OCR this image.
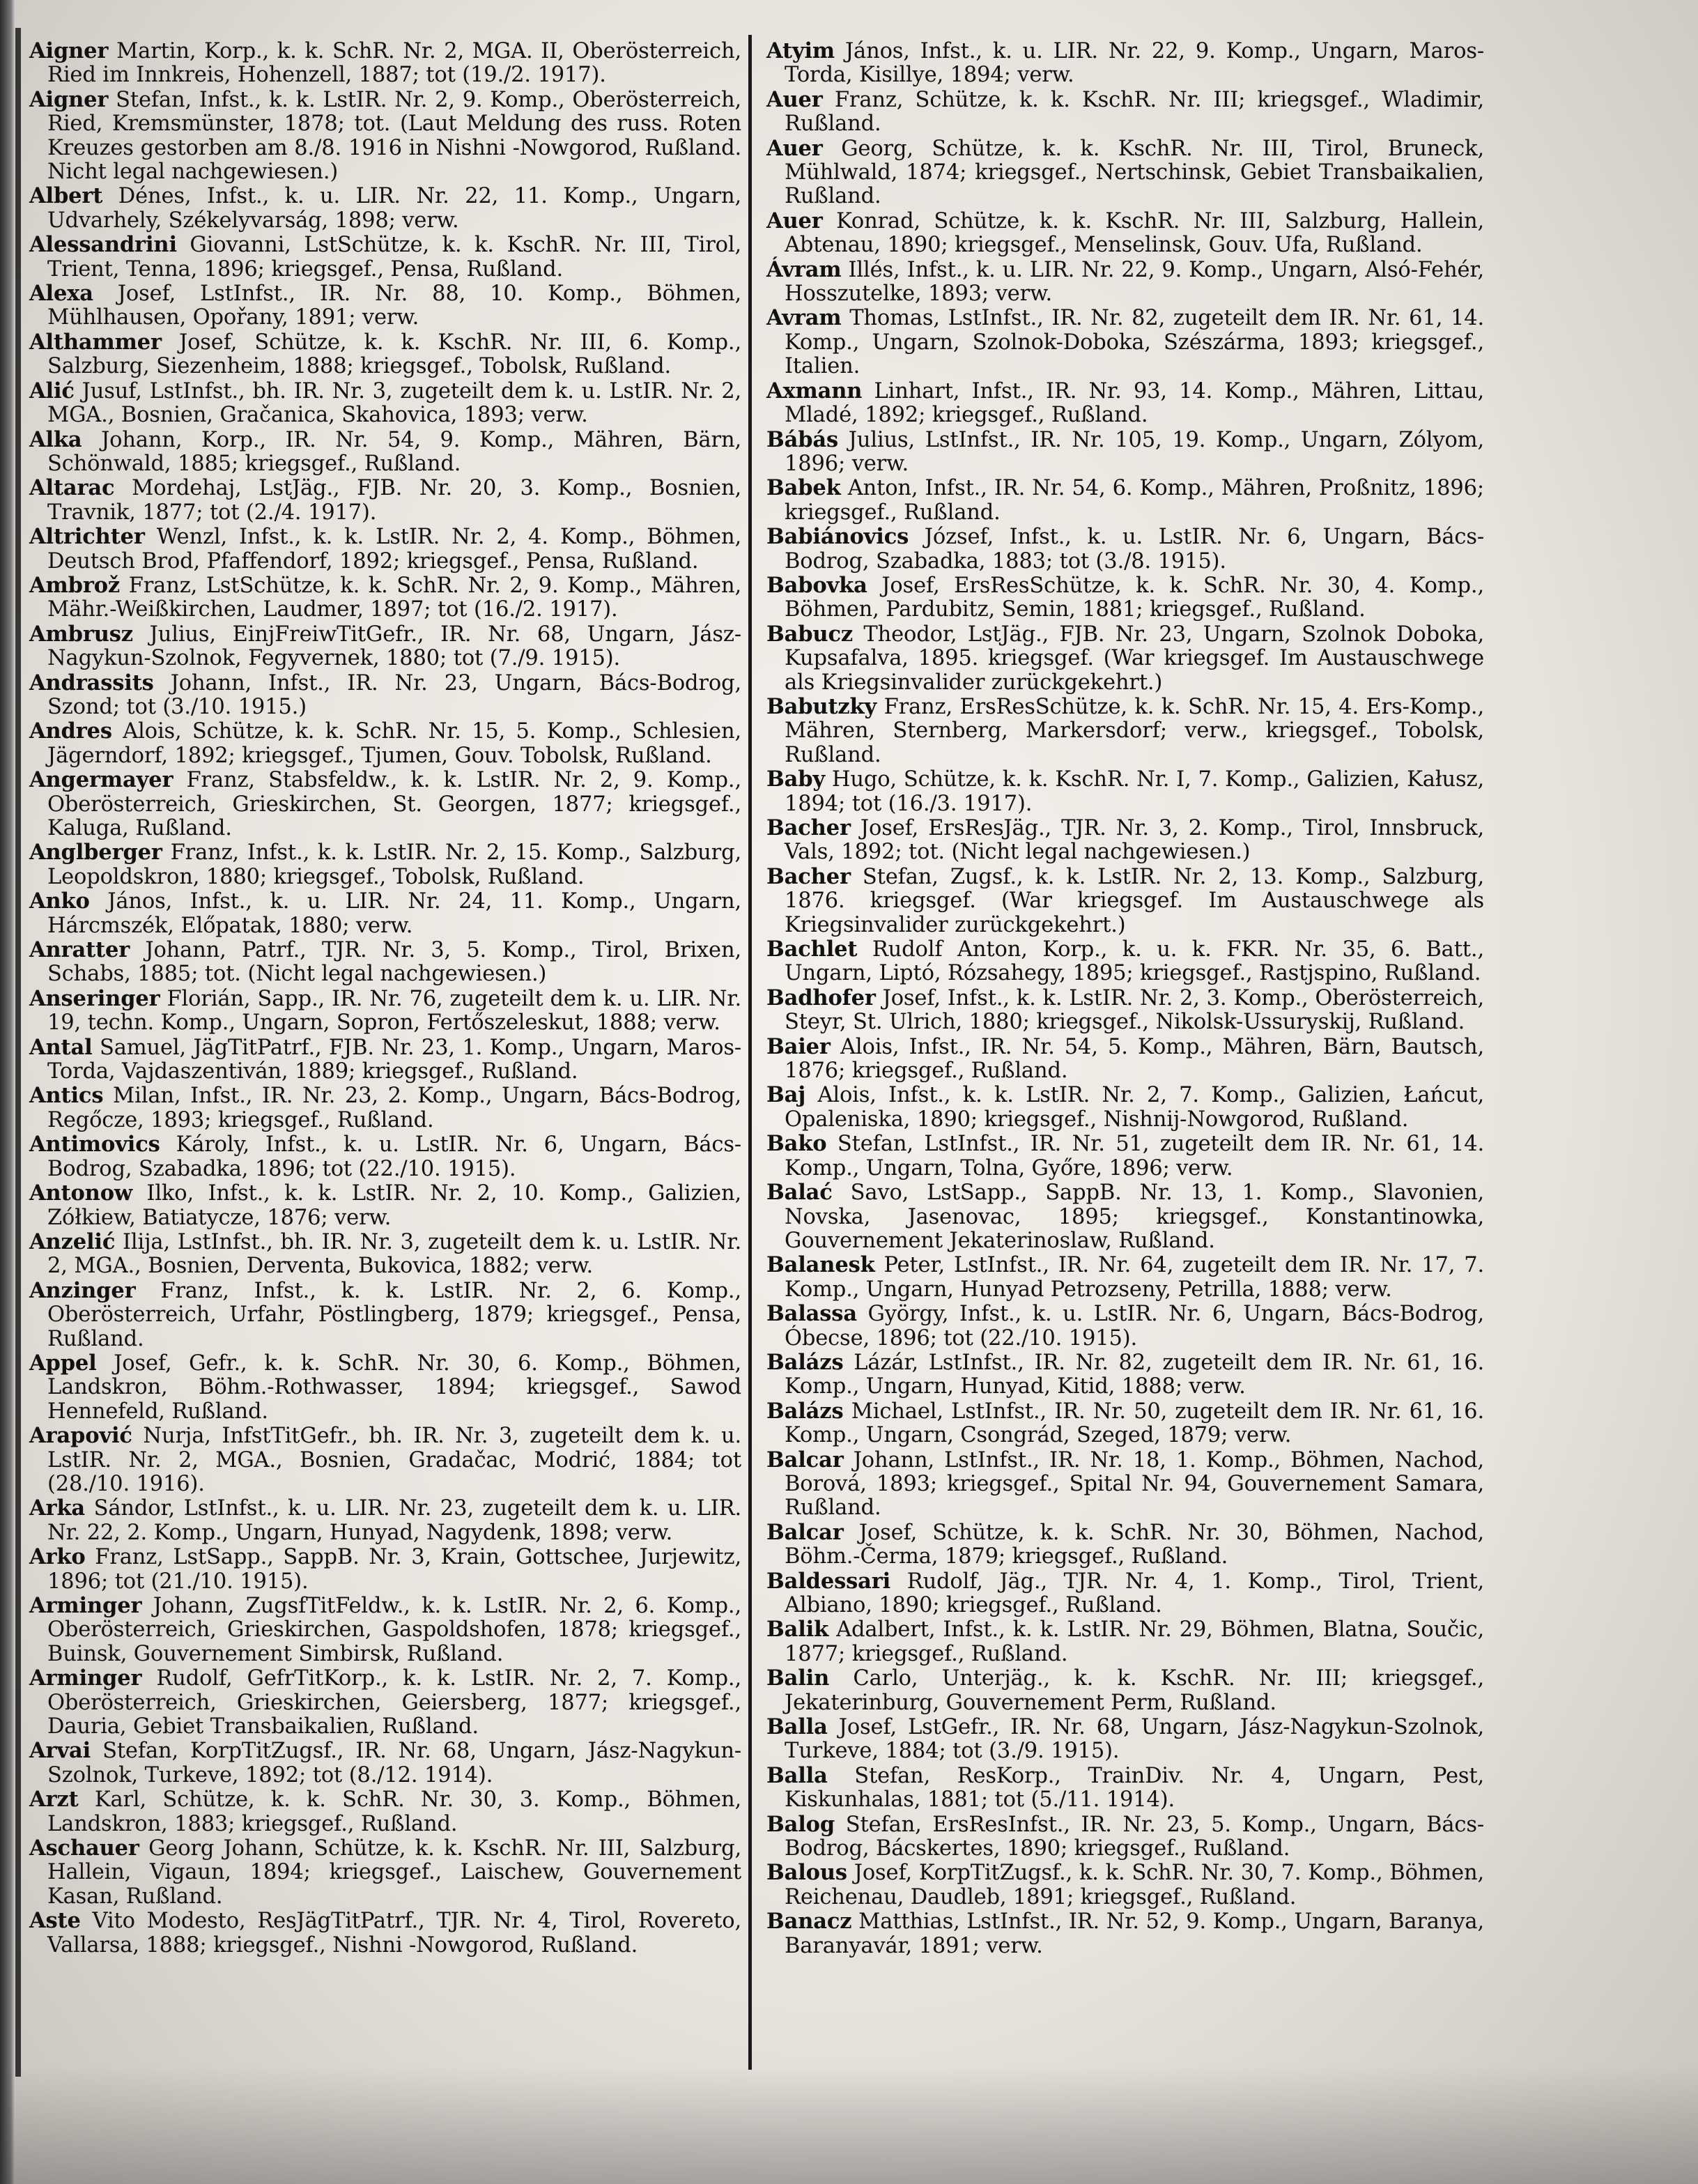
Aigner Martin, Korp., k. k. SchR. Nr. 2, MGA. II, Oberösterreich, Ried im Innkreis, Hohenzell, 1887; tot (19./2. 1917).

Aigner Stefan, Infst., k. k. LstIR. Nr. 2, 9. Komp., Oberösterreich, Ried, Kremsmünster, 1878; tot. (Laut Meldung des russ. Roten Kreuzes gestorben am 8./8. 1916 in Nishni -Nowgorod, Rußland. Nicht legal nachgewiesen.)

Albert Dénes, Infst., k. u. LIR. Nr. 22, 11. Komp., Ungarn, Udvarhely, Székelyvarság, 1898; verw.

Alessandrini Giovanni, LstSchütze, k. k. KschR. Nr. III, Tirol, Trient, Tenna, 1896; kriegsgef., Pensa, Rußland.

Alexa Josef, LstInfst., IR. Nr. 88, 10. Komp., Böhmen, Mühlhausen, Opořany, 1891; verw.

Althammer Josef, Schütze, k. k. KschR. Nr. III, 6. Komp., Salzburg, Siezenheim, 1888; kriegsgef., Tobolsk, Rußland.

Alić Jusuf, LstInfst., bh. IR. Nr. 3, zugeteilt dem k. u. LstIR. Nr. 2, MGA., Bosnien, Gračanica, Skahovica, 1893; verw.

Alka Johann, Korp., IR. Nr. 54, 9. Komp., Mähren, Bärn, Schönwald, 1885; kriegsgef., Rußland.

Altarac Mordehaj, LstJäg., FJB. Nr. 20, 3. Komp., Bosnien, Travnik, 1877; tot (2./4. 1917).

Altrichter Wenzl, Infst., k. k. LstIR. Nr. 2, 4. Komp., Böhmen, Deutsch Brod, Pfaffendorf, 1892; kriegsgef., Pensa, Rußland.

Ambrož Franz, LstSchütze, k. k. SchR. Nr. 2, 9. Komp., Mähren, Mähr.-Weißkirchen, Laudmer, 1897; tot (16./2. 1917).

Ambrusz Julius, EinjFreiwTitGefr., IR. Nr. 68, Ungarn, Jász-Nagykun-Szolnok, Fegyvernek, 1880; tot (7./9. 1915).

Andrassits Johann, Infst., IR. Nr. 23, Ungarn, Bács-Bodrog, Szond; tot (3./10. 1915.)

Andres Alois, Schütze, k. k. SchR. Nr. 15, 5. Komp., Schlesien, Jägerndorf, 1892; kriegsgef., Tjumen, Gouv. Tobolsk, Rußland.

Angermayer Franz, Stabsfeldw., k. k. LstIR. Nr. 2, 9. Komp., Oberösterreich, Grieskirchen, St. Georgen, 1877; kriegsgef., Kaluga, Rußland.

Anglberger Franz, Infst., k. k. LstIR. Nr. 2, 15. Komp., Salzburg, Leopoldskron, 1880; kriegsgef., Tobolsk, Rußland.

Anko János, Infst., k. u. LIR. Nr. 24, 11. Komp., Ungarn, Hárcmszék, Előpatak, 1880; verw.

Anratter Johann, Patrf., TJR. Nr. 3, 5. Komp., Tirol, Brixen, Schabs, 1885; tot. (Nicht legal nachgewiesen.)

Anseringer Florián, Sapp., IR. Nr. 76, zugeteilt dem k. u. LIR. Nr. 19, techn. Komp., Ungarn, Sopron, Fertőszeleskut, 1888; verw.

Antal Samuel, JägTitPatrf., FJB. Nr. 23, 1. Komp., Ungarn, Maros-Torda, Vajdaszentiván, 1889; kriegsgef., Rußland.

Antics Milan, Infst., IR. Nr. 23, 2. Komp., Ungarn, Bács-Bodrog, Regőcze, 1893; kriegsgef., Rußland.

Antimovics Károly, Infst., k. u. LstIR. Nr. 6, Ungarn, Bács-Bodrog, Szabadka, 1896; tot (22./10. 1915).

Antonow Ilko, Infst., k. k. LstIR. Nr. 2, 10. Komp., Galizien, Zółkiew, Batiatycze, 1876; verw.

Anzelić Ilija, LstInfst., bh. IR. Nr. 3, zugeteilt dem k. u. LstIR. Nr. 2, MGA., Bosnien, Derventa, Bukovica, 1882; verw.

Anzinger Franz, Infst., k. k. LstIR. Nr. 2, 6. Komp., Oberösterreich, Urfahr, Pöstlingberg, 1879; kriegsgef., Pensa, Rußland.

Appel Josef, Gefr., k. k. SchR. Nr. 30, 6. Komp., Böhmen, Landskron, Böhm.-Rothwasser, 1894; kriegsgef., Sawod Hennefeld, Rußland.

Arapović Nurja, InfstTitGefr., bh. IR. Nr. 3, zugeteilt dem k. u. LstIR. Nr. 2, MGA., Bosnien, Gradačac, Modrić, 1884; tot (28./10. 1916).

Arka Sándor, LstInfst., k. u. LIR. Nr. 23, zugeteilt dem k. u. LIR. Nr. 22, 2. Komp., Ungarn, Hunyad, Nagydenk, 1898; verw.

Arko Franz, LstSapp., SappB. Nr. 3, Krain, Gottschee, Jurjewitz, 1896; tot (21./10. 1915).

Arminger Johann, ZugsfTitFeldw., k. k. LstIR. Nr. 2, 6. Komp., Oberösterreich, Grieskirchen, Gaspoldshofen, 1878; kriegsgef., Buinsk, Gouvernement Simbirsk, Rußland.

Arminger Rudolf, GefrTitKorp., k. k. LstIR. Nr. 2, 7. Komp., Oberösterreich, Grieskirchen, Geiersberg, 1877; kriegsgef., Dauria, Gebiet Transbaikalien, Rußland.

Arvai Stefan, KorpTitZugsf., IR. Nr. 68, Ungarn, Jász-Nagykun-Szolnok, Turkeve, 1892; tot (8./12. 1914).

Arzt Karl, Schütze, k. k. SchR. Nr. 30, 3. Komp., Böhmen, Landskron, 1883; kriegsgef., Rußland.

Aschauer Georg Johann, Schütze, k. k. KschR. Nr. III, Salzburg, Hallein, Vigaun, 1894; kriegsgef., Laischew, Gouvernement Kasan, Rußland.

Aste Vito Modesto, ResJägTitPatrf., TJR. Nr. 4, Tirol, Rovereto, Vallarsa, 1888; kriegsgef., Nishni -Nowgorod, Rußland.

Atyim János, Infst., k. u. LIR. Nr. 22, 9. Komp., Ungarn, Maros-Torda, Kisillye, 1894; verw.

Auer Franz, Schütze, k. k. KschR. Nr. III; kriegsgef., Wladimir, Rußland.

Auer Georg, Schütze, k. k. KschR. Nr. III, Tirol, Bruneck, Mühlwald, 1874; kriegsgef., Nertschinsk, Gebiet Transbaikalien, Rußland.

Auer Konrad, Schütze, k. k. KschR. Nr. III, Salzburg, Hallein, Abtenau, 1890; kriegsgef., Menselinsk, Gouv. Ufa, Rußland.

Ávram Illés, Infst., k. u. LIR. Nr. 22, 9. Komp., Ungarn, Alsó-Fehér, Hosszutelke, 1893; verw.

Avram Thomas, LstInfst., IR. Nr. 82, zugeteilt dem IR. Nr. 61, 14. Komp., Ungarn, Szolnok-Doboka, Szészárma, 1893; kriegsgef., Italien.

Axmann Linhart, Infst., IR. Nr. 93, 14. Komp., Mähren, Littau, Mladé, 1892; kriegsgef., Rußland.

Bábás Julius, LstInfst., IR. Nr. 105, 19. Komp., Ungarn, Zólyom, 1896; verw.

Babek Anton, Infst., IR. Nr. 54, 6. Komp., Mähren, Proßnitz, 1896; kriegsgef., Rußland.

Babiánovics József, Infst., k. u. LstIR. Nr. 6, Ungarn, Bács-Bodrog, Szabadka, 1883; tot (3./8. 1915).

Babovka Josef, ErsResSchütze, k. k. SchR. Nr. 30, 4. Komp., Böhmen, Pardubitz, Semin, 1881; kriegsgef., Rußland.

Babucz Theodor, LstJäg., FJB. Nr. 23, Ungarn, Szolnok Doboka, Kupsafalva, 1895. kriegsgef. (War kriegsgef. Im Austauschwege als Kriegsinvalider zurückgekehrt.)

Babutzky Franz, ErsResSchütze, k. k. SchR. Nr. 15, 4. Ers-Komp., Mähren, Sternberg, Markersdorf; verw., kriegsgef., Tobolsk, Rußland.

Baby Hugo, Schütze, k. k. KschR. Nr. I, 7. Komp., Galizien, Kałusz, 1894; tot (16./3. 1917).

Bacher Josef, ErsResJäg., TJR. Nr. 3, 2. Komp., Tirol, Innsbruck, Vals, 1892; tot. (Nicht legal nachgewiesen.)

Bacher Stefan, Zugsf., k. k. LstIR. Nr. 2, 13. Komp., Salzburg, 1876. kriegsgef. (War kriegsgef. Im Austauschwege als Kriegsinvalider zurückgekehrt.)

Bachlet Rudolf Anton, Korp., k. u. k. FKR. Nr. 35, 6. Batt., Ungarn, Liptó, Rózsahegy, 1895; kriegsgef., Rastjspino, Rußland.

Badhofer Josef, Infst., k. k. LstIR. Nr. 2, 3. Komp., Oberösterreich, Steyr, St. Ulrich, 1880; kriegsgef., Nikolsk-Ussuryskij, Rußland.

Baier Alois, Infst., IR. Nr. 54, 5. Komp., Mähren, Bärn, Bautsch, 1876; kriegsgef., Rußland.

Baj Alois, Infst., k. k. LstIR. Nr. 2, 7. Komp., Galizien, Łańcut, Opaleniska, 1890; kriegsgef., Nishnij-Nowgorod, Rußland.

Bako Stefan, LstInfst., IR. Nr. 51, zugeteilt dem IR. Nr. 61, 14. Komp., Ungarn, Tolna, Győre, 1896; verw.

Balać Savo, LstSapp., SappB. Nr. 13, 1. Komp., Slavonien, Novska, Jasenovac, 1895; kriegsgef., Konstantinowka, Gouvernement Jekaterinoslaw, Rußland.

Balanesk Peter, LstInfst., IR. Nr. 64, zugeteilt dem IR. Nr. 17, 7. Komp., Ungarn, Hunyad Petrozseny, Petrilla, 1888; verw.

Balassa György, Infst., k. u. LstIR. Nr. 6, Ungarn, Bács-Bodrog, Óbecse, 1896; tot (22./10. 1915).

Balázs Lázár, LstInfst., IR. Nr. 82, zugeteilt dem IR. Nr. 61, 16. Komp., Ungarn, Hunyad, Kitid, 1888; verw.

Balázs Michael, LstInfst., IR. Nr. 50, zugeteilt dem IR. Nr. 61, 16. Komp., Ungarn, Csongrád, Szeged, 1879; verw.

Balcar Johann, LstInfst., IR. Nr. 18, 1. Komp., Böhmen, Nachod, Borová, 1893; kriegsgef., Spital Nr. 94, Gouvernement Samara, Rußland.

Balcar Josef, Schütze, k. k. SchR. Nr. 30, Böhmen, Nachod, Böhm.-Čerma, 1879; kriegsgef., Rußland.

Baldessari Rudolf, Jäg., TJR. Nr. 4, 1. Komp., Tirol, Trient, Albiano, 1890; kriegsgef., Rußland.

Balik Adalbert, Infst., k. k. LstIR. Nr. 29, Böhmen, Blatna, Součic, 1877; kriegsgef., Rußland.

Balin Carlo, Unterjäg., k. k. KschR. Nr. III; kriegsgef., Jekaterinburg, Gouvernement Perm, Rußland.

Balla Josef, LstGefr., IR. Nr. 68, Ungarn, Jász-Nagykun-Szolnok, Turkeve, 1884; tot (3./9. 1915).

Balla Stefan, ResKorp., TrainDiv. Nr. 4, Ungarn, Pest, Kiskunhalas, 1881; tot (5./11. 1914).

Balog Stefan, ErsResInfst., IR. Nr. 23, 5. Komp., Ungarn, Bács-Bodrog, Bácskertes, 1890; kriegsgef., Rußland.

Balous Josef, KorpTitZugsf., k. k. SchR. Nr. 30, 7. Komp., Böhmen, Reichenau, Daudleb, 1891; kriegsgef., Rußland.

Banacz Matthias, LstInfst., IR. Nr. 52, 9. Komp., Ungarn, Baranya, Baranyavár, 1891; verw.
